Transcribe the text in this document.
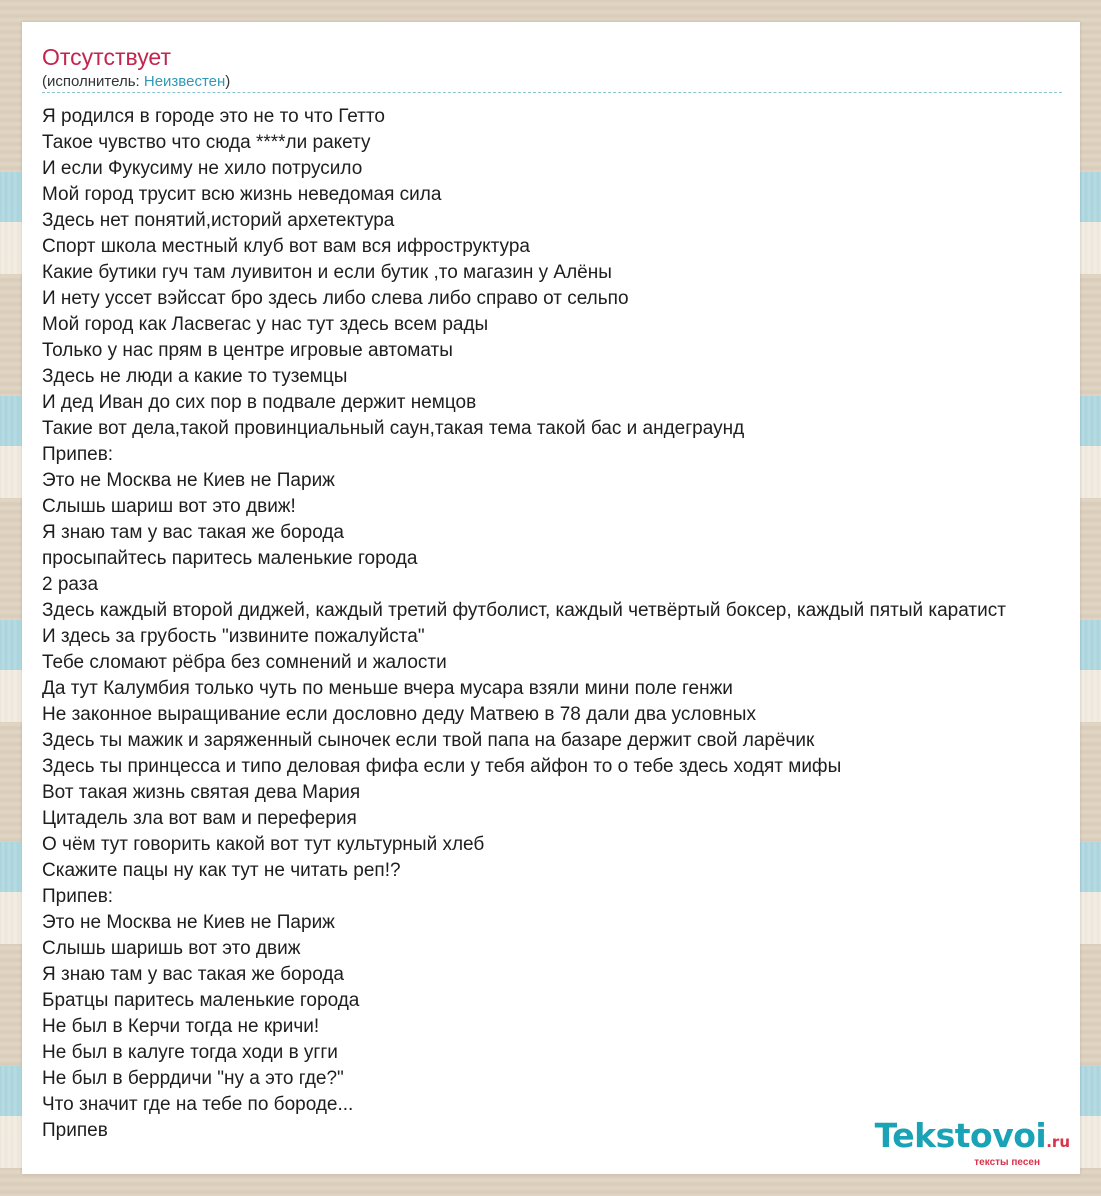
Отсутствует
(исполнитель: Неизвестен)
Я родился в городе это не то что Гетто
Такое чувство что сюда ****ли ракету
И если Фукусиму не хило потрусило
Мой город трусит всю жизнь неведомая сила
Здесь нет понятий,историй архетектура
Спорт школа местный клуб вот вам вся ифроструктура
Какие бутики гуч там луивитон и если бутик ,то магазин у Алёны
И нету уссет вэйссат бро здесь либо слева либо справо от сельпо
Мой город как Ласвегас у нас тут здесь всем рады
Только у нас прям в центре игровые автоматы
Здесь не люди а какие то туземцы
И дед Иван до сих пор в подвале держит немцов
Такие вот дела,такой провинциальный саун,такая тема такой бас и андеграунд
Припев:
Это не Москва не Киев не Париж
Слышь шариш вот это движ!
Я знаю там у вас такая же борода
просыпайтесь паритесь маленькие города
2 раза
Здесь каждый второй диджей, каждый третий футболист, каждый четвёртый боксер, каждый пятый каратист
И здесь за грубость "извините пожалуйста"
Тебе сломают рёбра без сомнений и жалости
Да тут Калумбия только чуть по меньше вчера мусара взяли мини поле генжи
Не законное выращивание если дословно деду Матвею в 78 дали два условных
Здесь ты мажик и заряженный сыночек если твой папа на базаре держит свой ларёчик
Здесь ты принцесса и типо деловая фифа если у тебя айфон то о тебе здесь ходят мифы
Вот такая жизнь святая дева Мария
Цитадель зла вот вам и переферия
О чём тут говорить какой вот тут культурный хлеб
Скажите пацы ну как тут не читать реп!?
Припев:
Это не Москва не Киев не Париж
Слышь шаришь вот это движ
Я знаю там у вас такая же борода
Братцы паритесь маленькие города
Не был в Керчи тогда не кричи!
Не был в калуге тогда ходи в угги
Не был в беррдичи "ну а это где?"
Что значит где на тебе по бороде...
Припев	Tekstovoi.ru
тексты песен
